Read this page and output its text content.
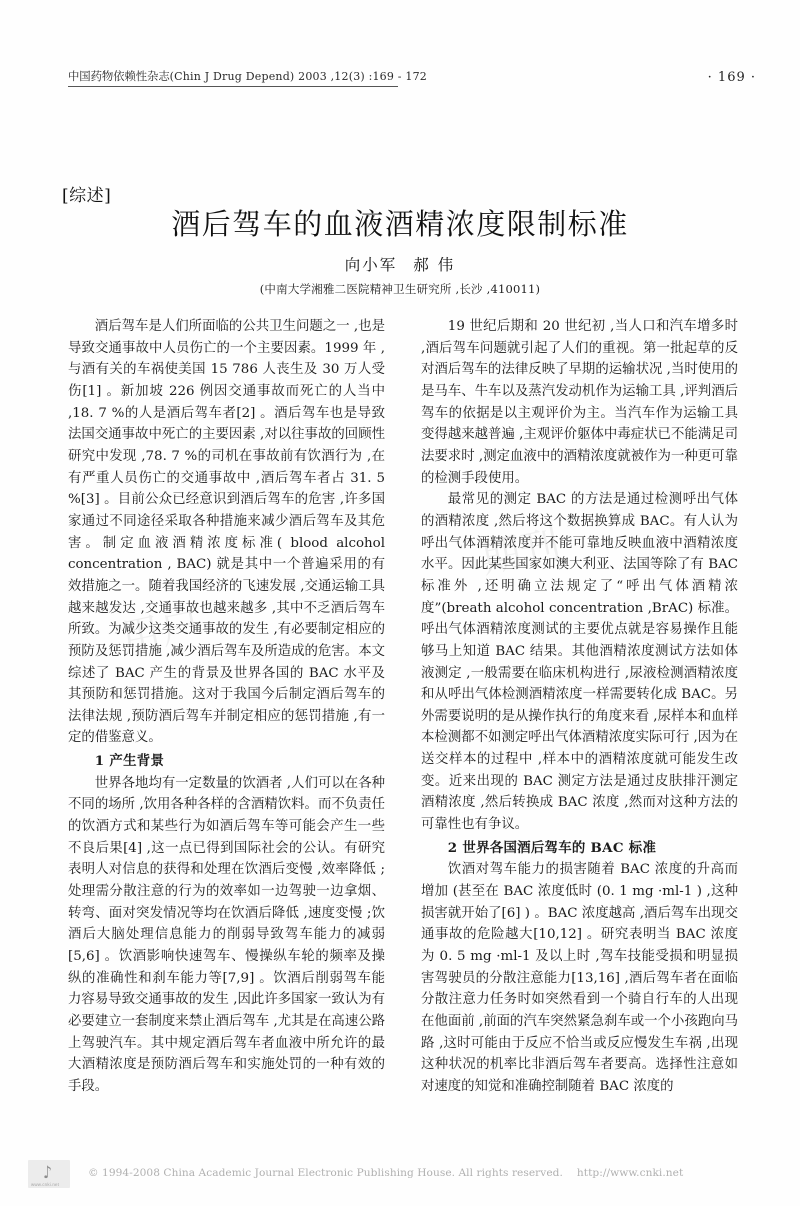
中国药物依赖性杂志(Chin J Drug Depend) 2003 ,12(3) :169 - 172	· 169 ·
[综述]
酒后驾车的血液酒精浓度限制标准
向小军 郝 伟
(中南大学湘雅二医院精神卫生研究所 ,长沙 ,410011)
用户
期刊

酒后驾车是人们所面临的公共卫生问题之一 ,也是导致交通事故中人员伤亡的一个主要因素。1999 年 ,与酒有关的车祸使美国 15 786 人丧生及 30 万人受伤[1] 。新加坡 226 例因交通事故而死亡的人当中 ,18. 7 %的人是酒后驾车者[2] 。酒后驾车也是导致法国交通事故中死亡的主要因素 ,对以往事故的回顾性研究中发现 ,78. 7 %的司机在事故前有饮酒行为 ,在有严重人员伤亡的交通事故中 ,酒后驾车者占 31. 5 %[3] 。目前公众已经意识到酒后驾车的危害 ,许多国家通过不同途径采取各种措施来减少酒后驾车及其危害。制定血液酒精浓度标准( blood alcohol concentration , BAC) 就是其中一个普遍采用的有效措施之一。随着我国经济的飞速发展 ,交通运输工具越来越发达 ,交通事故也越来越多 ,其中不乏酒后驾车所致。为减少这类交通事故的发生 ,有必要制定相应的预防及惩罚措施 ,减少酒后驾车及所造成的危害。本文综述了 BAC 产生的背景及世界各国的 BAC 水平及其预防和惩罚措施。这对于我国今后制定酒后驾车的法律法规 ,预防酒后驾车并制定相应的惩罚措施 ,有一定的借鉴意义。

1 产生背景

世界各地均有一定数量的饮酒者 ,人们可以在各种不同的场所 ,饮用各种各样的含酒精饮料。而不负责任的饮酒方式和某些行为如酒后驾车等可能会产生一些不良后果[4] ,这一点已得到国际社会的公认。有研究表明人对信息的获得和处理在饮酒后变慢 ,效率降低 ;处理需分散注意的行为的效率如一边驾驶一边拿烟、转弯、面对突发情况等均在饮酒后降低 ,速度变慢 ;饮酒后大脑处理信息能力的削弱导致驾车能力的减弱[5,6] 。饮酒影响快速驾车、慢操纵车轮的频率及操纵的准确性和刹车能力等[7,9] 。饮酒后削弱驾车能力容易导致交通事故的发生 ,因此许多国家一致认为有必要建立一套制度来禁止酒后驾车 ,尤其是在高速公路上驾驶汽车。其中规定酒后驾车者血液中所允许的最大酒精浓度是预防酒后驾车和实施处罚的一种有效的手段。

19 世纪后期和 20 世纪初 ,当人口和汽车增多时 ,酒后驾车问题就引起了人们的重视。第一批起草的反对酒后驾车的法律反映了早期的运输状况 ,当时使用的是马车、牛车以及蒸汽发动机作为运输工具 ,评判酒后驾车的依据是以主观评价为主。当汽车作为运输工具变得越来越普遍 ,主观评价躯体中毒症状已不能满足司法要求时 ,测定血液中的酒精浓度就被作为一种更可靠的检测手段使用。

最常见的测定 BAC 的方法是通过检测呼出气体的酒精浓度 ,然后将这个数据换算成 BAC。有人认为呼出气体酒精浓度并不能可靠地反映血液中酒精浓度水平。因此某些国家如澳大利亚、法国等除了有 BAC 标准外 ,还明确立法规定了“呼出气体酒精浓度”(breath alcohol concentration ,BrAC) 标准。呼出气体酒精浓度测试的主要优点就是容易操作且能够马上知道 BAC 结果。其他酒精浓度测试方法如体液测定 ,一般需要在临床机构进行 ,尿液检测酒精浓度和从呼出气体检测酒精浓度一样需要转化成 BAC。另外需要说明的是从操作执行的角度来看 ,尿样本和血样本检测都不如测定呼出气体酒精浓度实际可行 ,因为在送交样本的过程中 ,样本中的酒精浓度就可能发生改变。近来出现的 BAC 测定方法是通过皮肤排汗测定酒精浓度 ,然后转换成 BAC 浓度 ,然而对这种方法的可靠性也有争议。

2 世界各国酒后驾车的 BAC 标准

饮酒对驾车能力的损害随着 BAC 浓度的升高而增加 (甚至在 BAC 浓度低时 (0. 1 mg ·ml-1 ) ,这种损害就开始了[6] ) 。BAC 浓度越高 ,酒后驾车出现交通事故的危险越大[10,12] 。研究表明当 BAC 浓度为 0. 5 mg ·ml-1 及以上时 ,驾车技能受损和明显损害驾驶员的分散注意能力[13,16] ,酒后驾车者在面临分散注意力任务时如突然看到一个骑自行车的人出现在他面前 ,前面的汽车突然紧急刹车或一个小孩跑向马路 ,这时可能由于反应不恰当或反应慢发生车祸 ,出现这种状况的机率比非酒后驾车者要高。选择性注意如对速度的知觉和准确控制随着 BAC 浓度的

♪
www.cnki.net
© 1994-2008 China Academic Journal Electronic Publishing House. All rights reserved. http://www.cnki.net
